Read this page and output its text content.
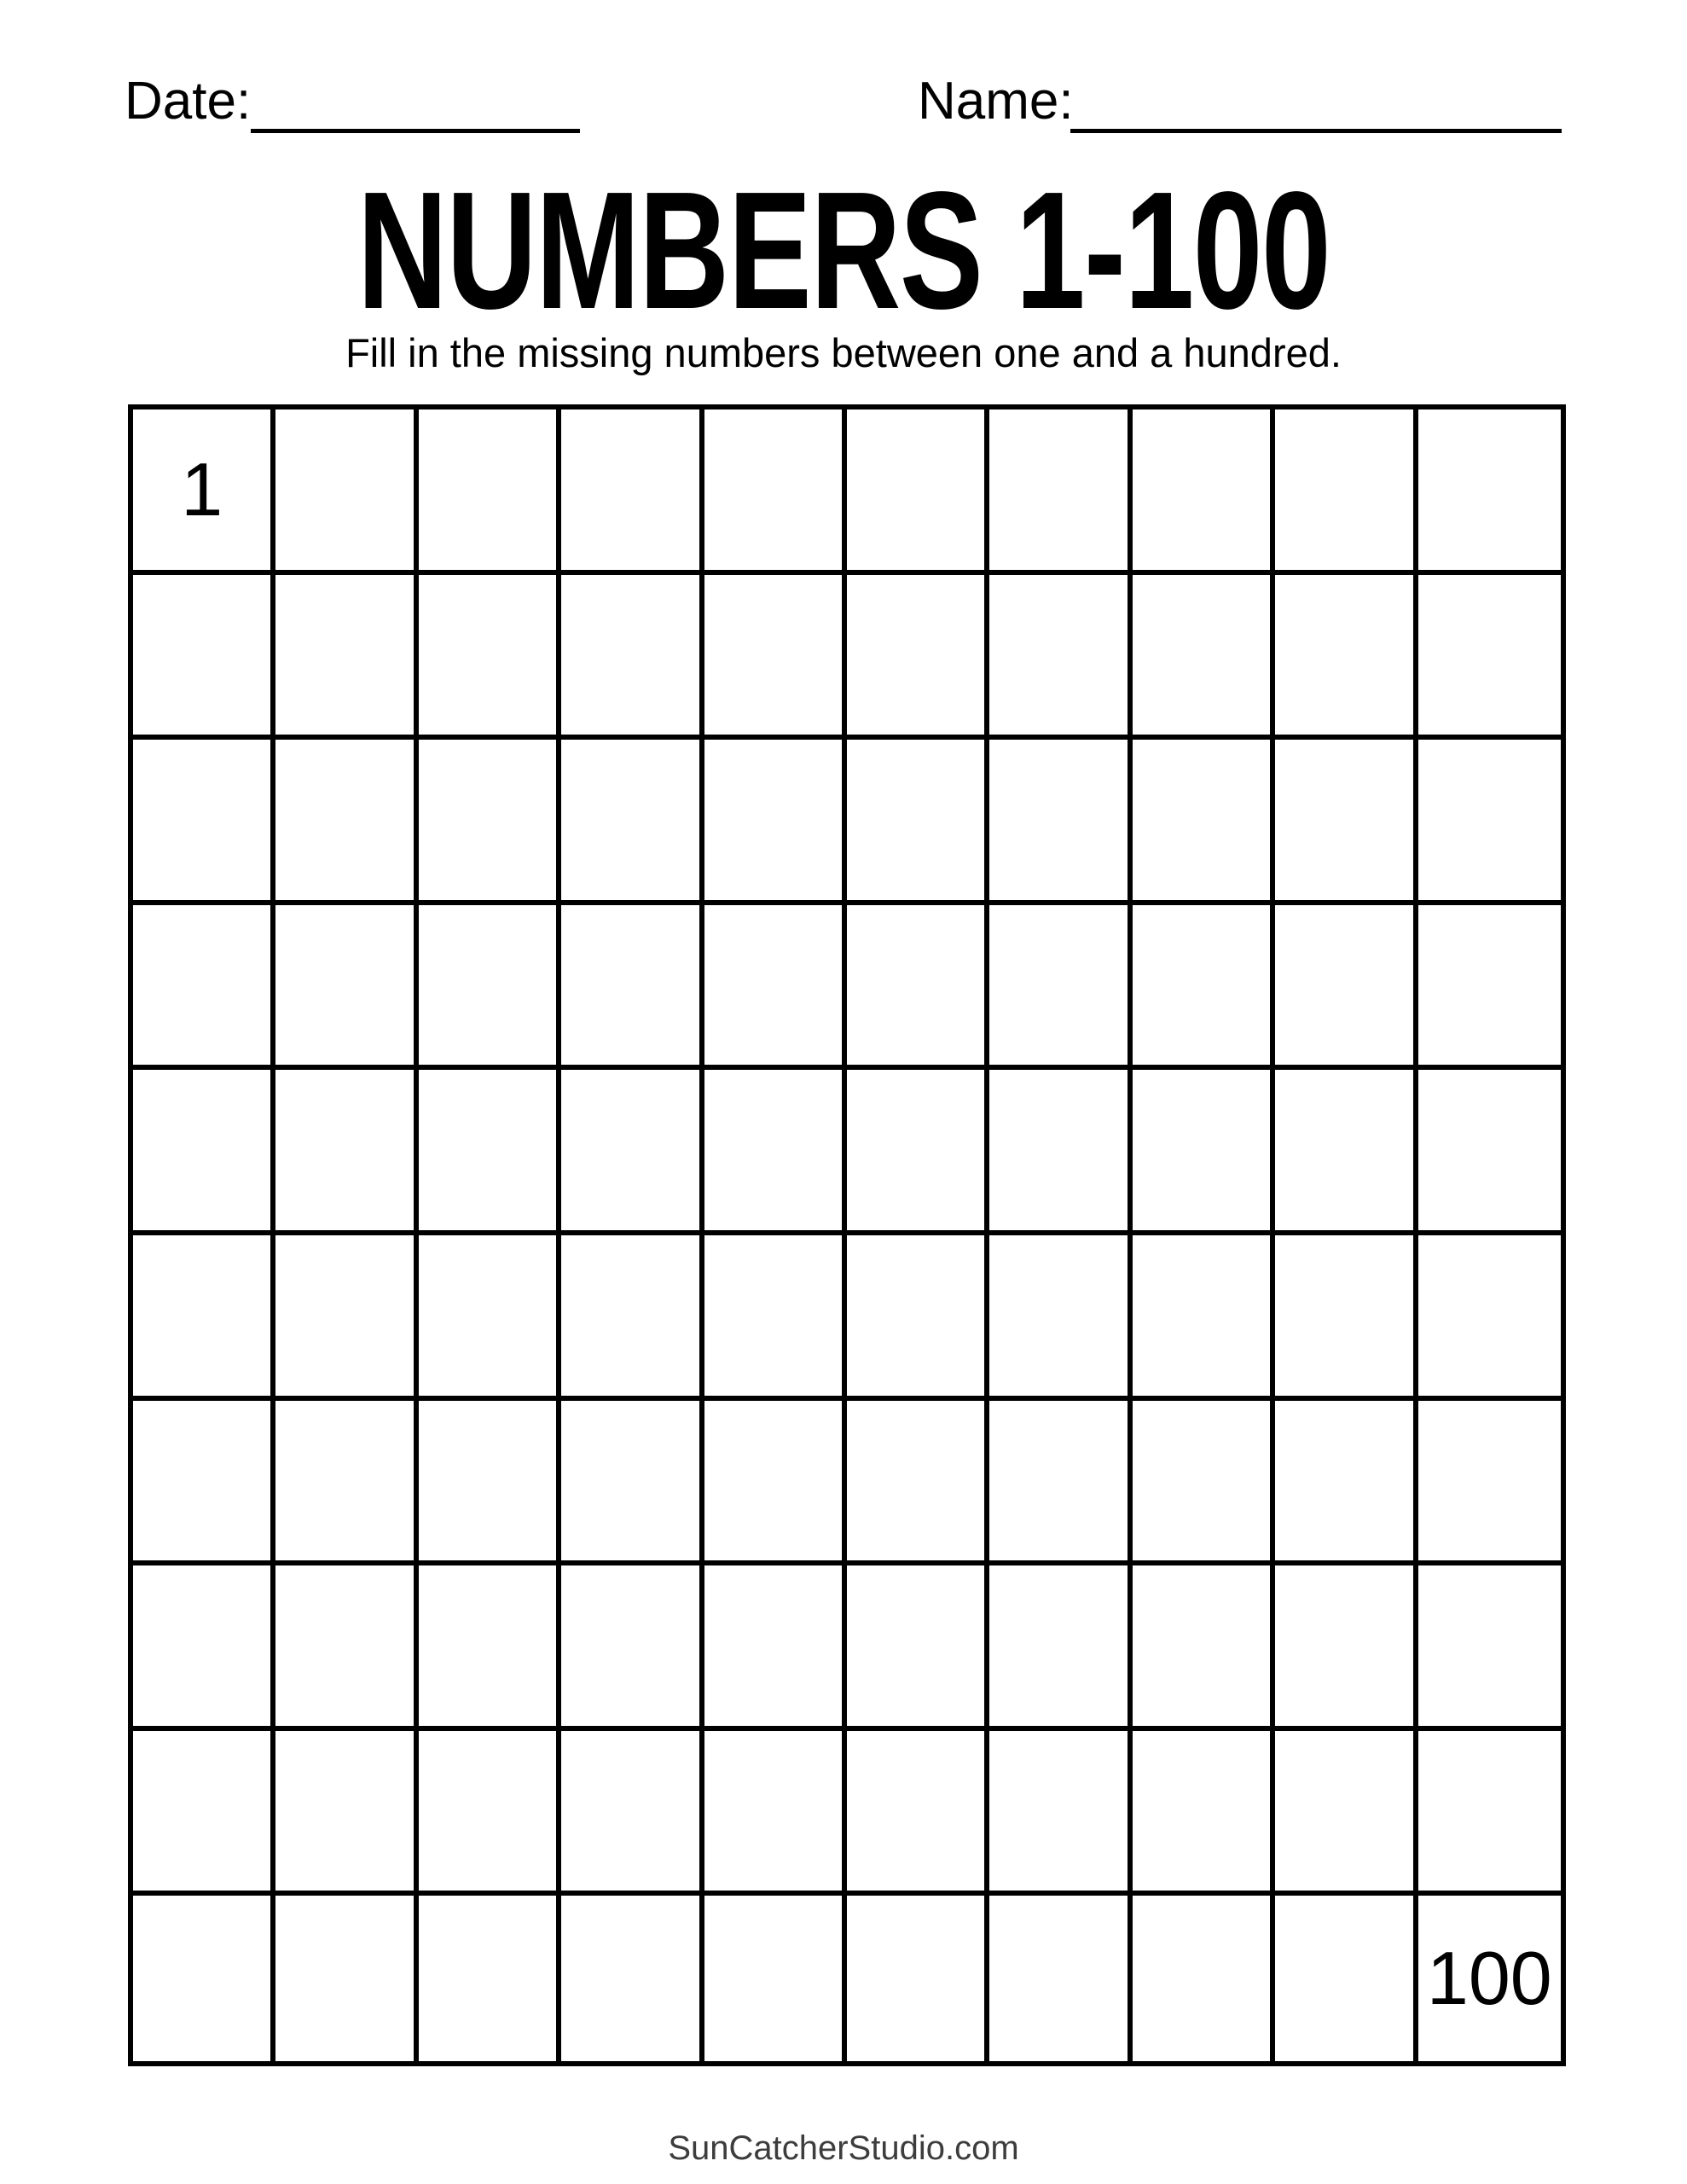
Date:	Name:
NUMBERS 1-100
Fill in the missing numbers between one and a hundred.
1
100
SunCatcherStudio.com
